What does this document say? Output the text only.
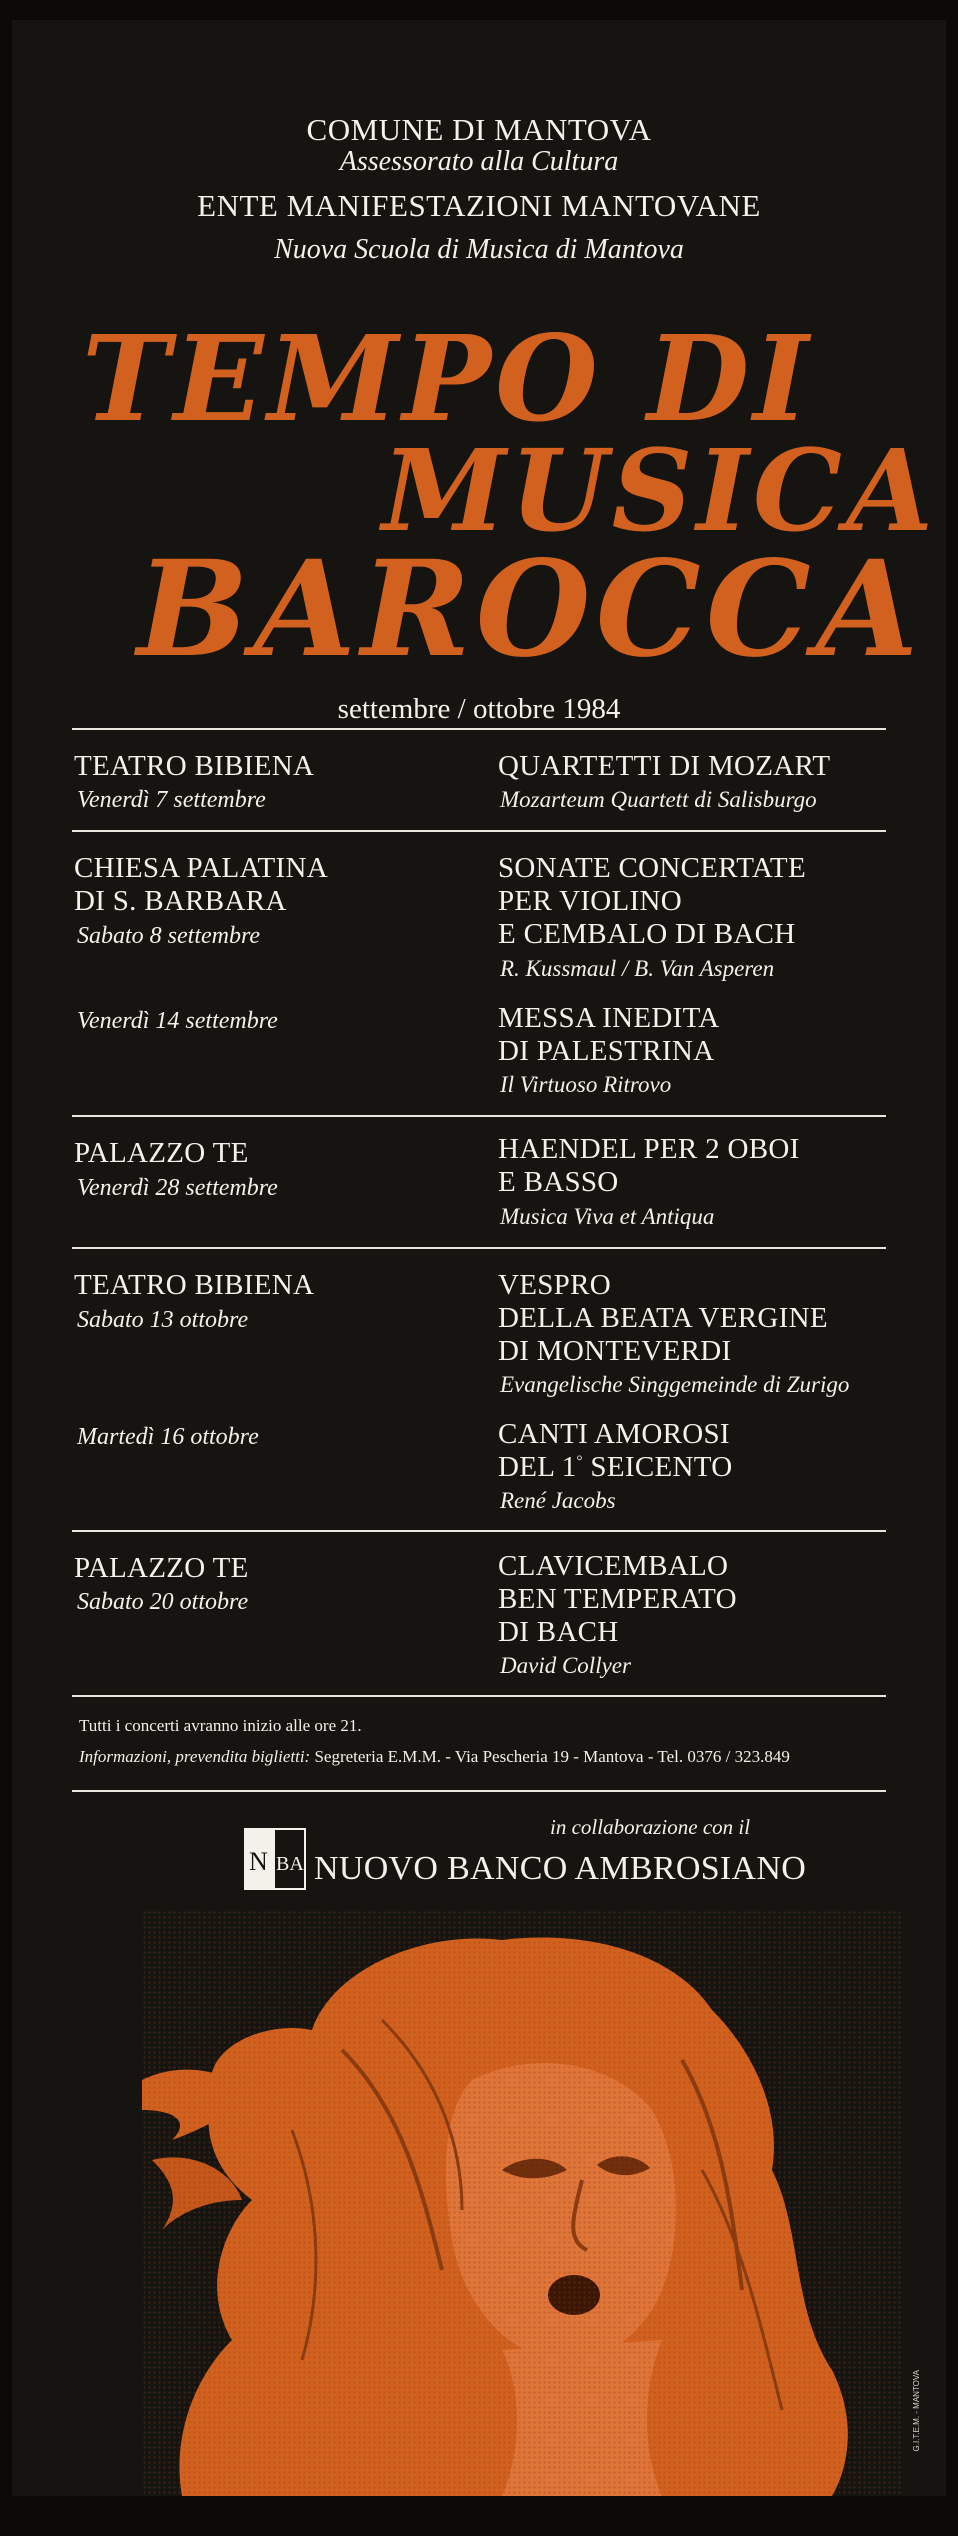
COMUNE DI MANTOVA
Assessorato alla Cultura
ENTE MANIFESTAZIONI MANTOVANE
Nuova Scuola di Musica di Mantova
TEMPO DI
MUSICA
BAROCCA
settembre / ottobre 1984
TEATRO BIBIENA
Venerdì 7 settembre
QUARTETTI DI MOZART
Mozarteum Quartett di Salisburgo
CHIESA PALATINA
DI S. BARBARA
Sabato 8 settembre
SONATE CONCERTATE
PER VIOLINO
E CEMBALO DI BACH
R. Kussmaul / B. Van Asperen
Venerdì 14 settembre	MESSA INEDITA
DI PALESTRINA
Il Virtuoso Ritrovo
PALAZZO TE
Venerdì 28 settembre
HAENDEL PER 2 OBOI
E BASSO
Musica Viva et Antiqua
TEATRO BIBIENA
Sabato 13 ottobre
VESPRO
DELLA BEATA VERGINE
DI MONTEVERDI
Evangelische Singgemeinde di Zurigo
Martedì 16 ottobre	CANTI AMOROSI
DEL 1° SEICENTO
René Jacobs
PALAZZO TE
Sabato 20 ottobre
CLAVICEMBALO
BEN TEMPERATO
DI BACH
David Collyer
Tutti i concerti avranno inizio alle ore 21.
Informazioni, prevendita biglietti: Segreteria E.M.M. - Via Pescheria 19 - Mantova - Tel. 0376 / 323.849
in collaborazione con il
N BA NUOVO BANCO AMBROSIANO
G.I.T.E.M. - MANTOVA
